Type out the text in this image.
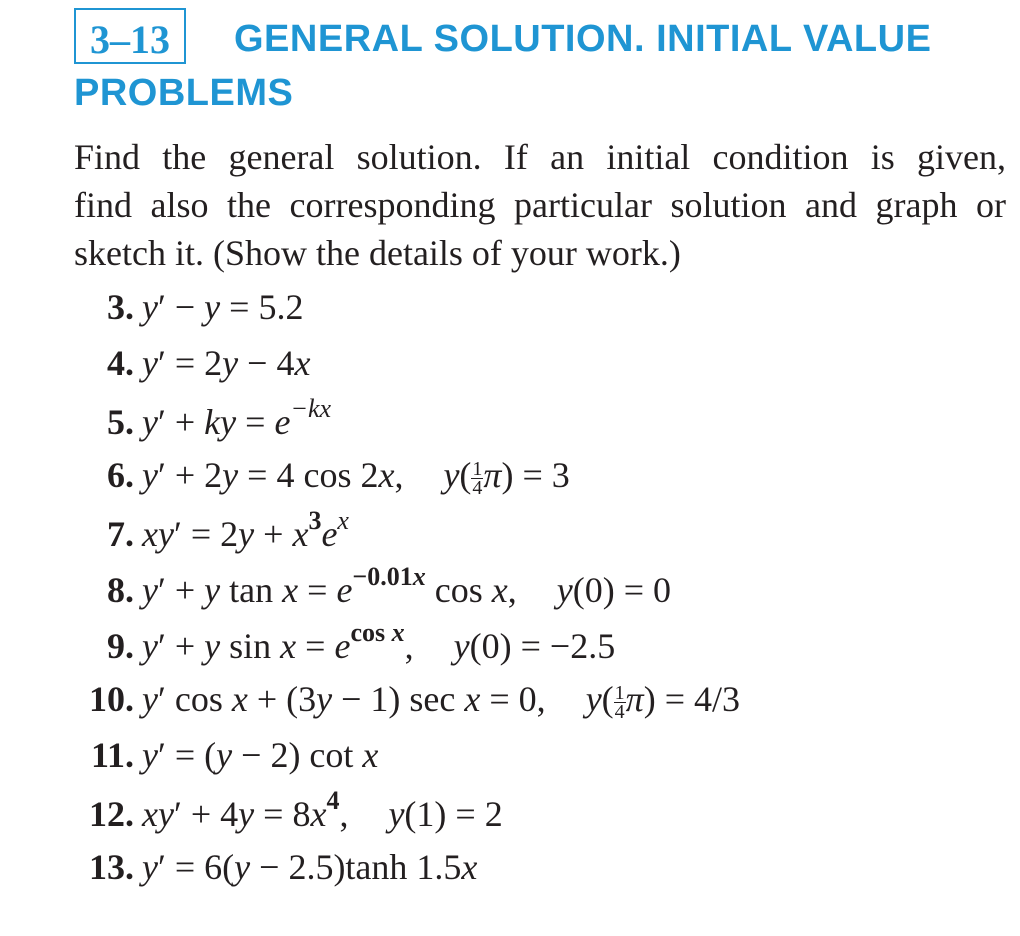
3–13 GENERAL SOLUTION. INITIAL VALUE
PROBLEMS
Find the general solution. If an initial condition is given,
find also the corresponding particular solution and graph or
sketch it. (Show the details of your work.)
3. y′ − y = 5.2
4. y′ = 2y − 4x
5. y′ + ky = $e^{-kx}$
6. y′ + 2y = 4 cos 2x, $y( \frac{1}{4} \pi) = 3$
7. $xy' = 2y + x^3e^x$
8. y′ + y $\tan x = e^{-0.01x}$ cos x, y(0) = 0
9. y′ + y $\sin x = e^{cos x}$, y(0) = −2.5
10. y′ cos x + (3y − 1) sec x = 0, $y( \frac{1}{4} \pi) = 4/3$
11. y′ = (y − 2) cot x
12. $xy' + 4y = 8x^4$, y(1) = 2
13. y′ = 6(y − 2.5)tanh 1.5x
